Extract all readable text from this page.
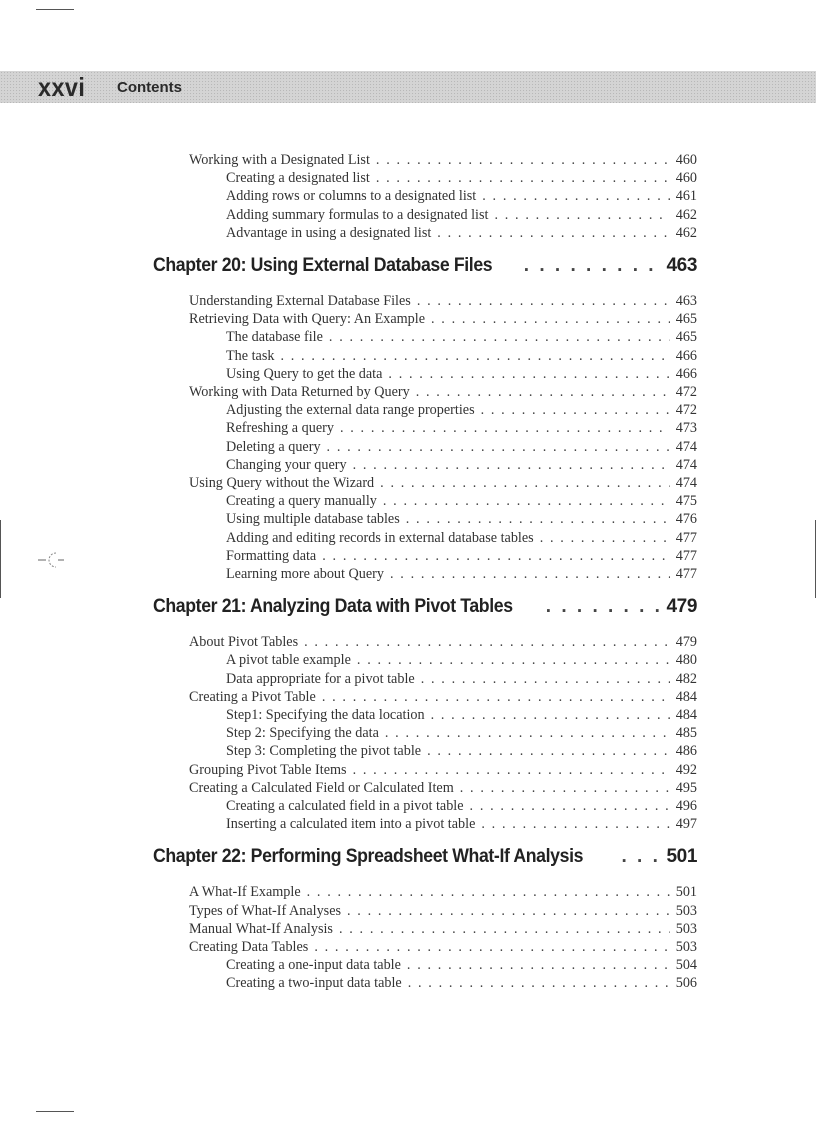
xxvi Contents
Working with a Designated List . . .	460
Creating a designated list . . .	460
Adding rows or columns to a designated list . . .	461
Adding summary formulas to a designated list . . .	462
Advantage in using a designated list . . .	462
Chapter 20: Using External Database Files . . .	463
Understanding External Database Files . . .	463
Retrieving Data with Query: An Example . . .	465
The database file . . .	465
The task . . .	466
Using Query to get the data . . .	466
Working with Data Returned by Query . . .	472
Adjusting the external data range properties . . .	472
Refreshing a query . . .	473
Deleting a query . . .	474
Changing your query . . .	474
Using Query without the Wizard . . .	474
Creating a query manually . . .	475
Using multiple database tables . . .	476
Adding and editing records in external database tables . . .	477
Formatting data . . .	477
Learning more about Query . . .	477
Chapter 21: Analyzing Data with Pivot Tables . . .	479
About Pivot Tables . . .	479
A pivot table example . . .	480
Data appropriate for a pivot table . . .	482
Creating a Pivot Table . . .	484
Step1: Specifying the data location . . .	484
Step 2: Specifying the data . . .	485
Step 3: Completing the pivot table . . .	486
Grouping Pivot Table Items . . .	492
Creating a Calculated Field or Calculated Item . . .	495
Creating a calculated field in a pivot table . . .	496
Inserting a calculated item into a pivot table . . .	497
Chapter 22: Performing Spreadsheet What-If Analysis . . .	501
A What-If Example . . .	501
Types of What-If Analyses . . .	503
Manual What-If Analysis . . .	503
Creating Data Tables . . .	503
Creating a one-input data table . . .	504
Creating a two-input data table . . .	506
